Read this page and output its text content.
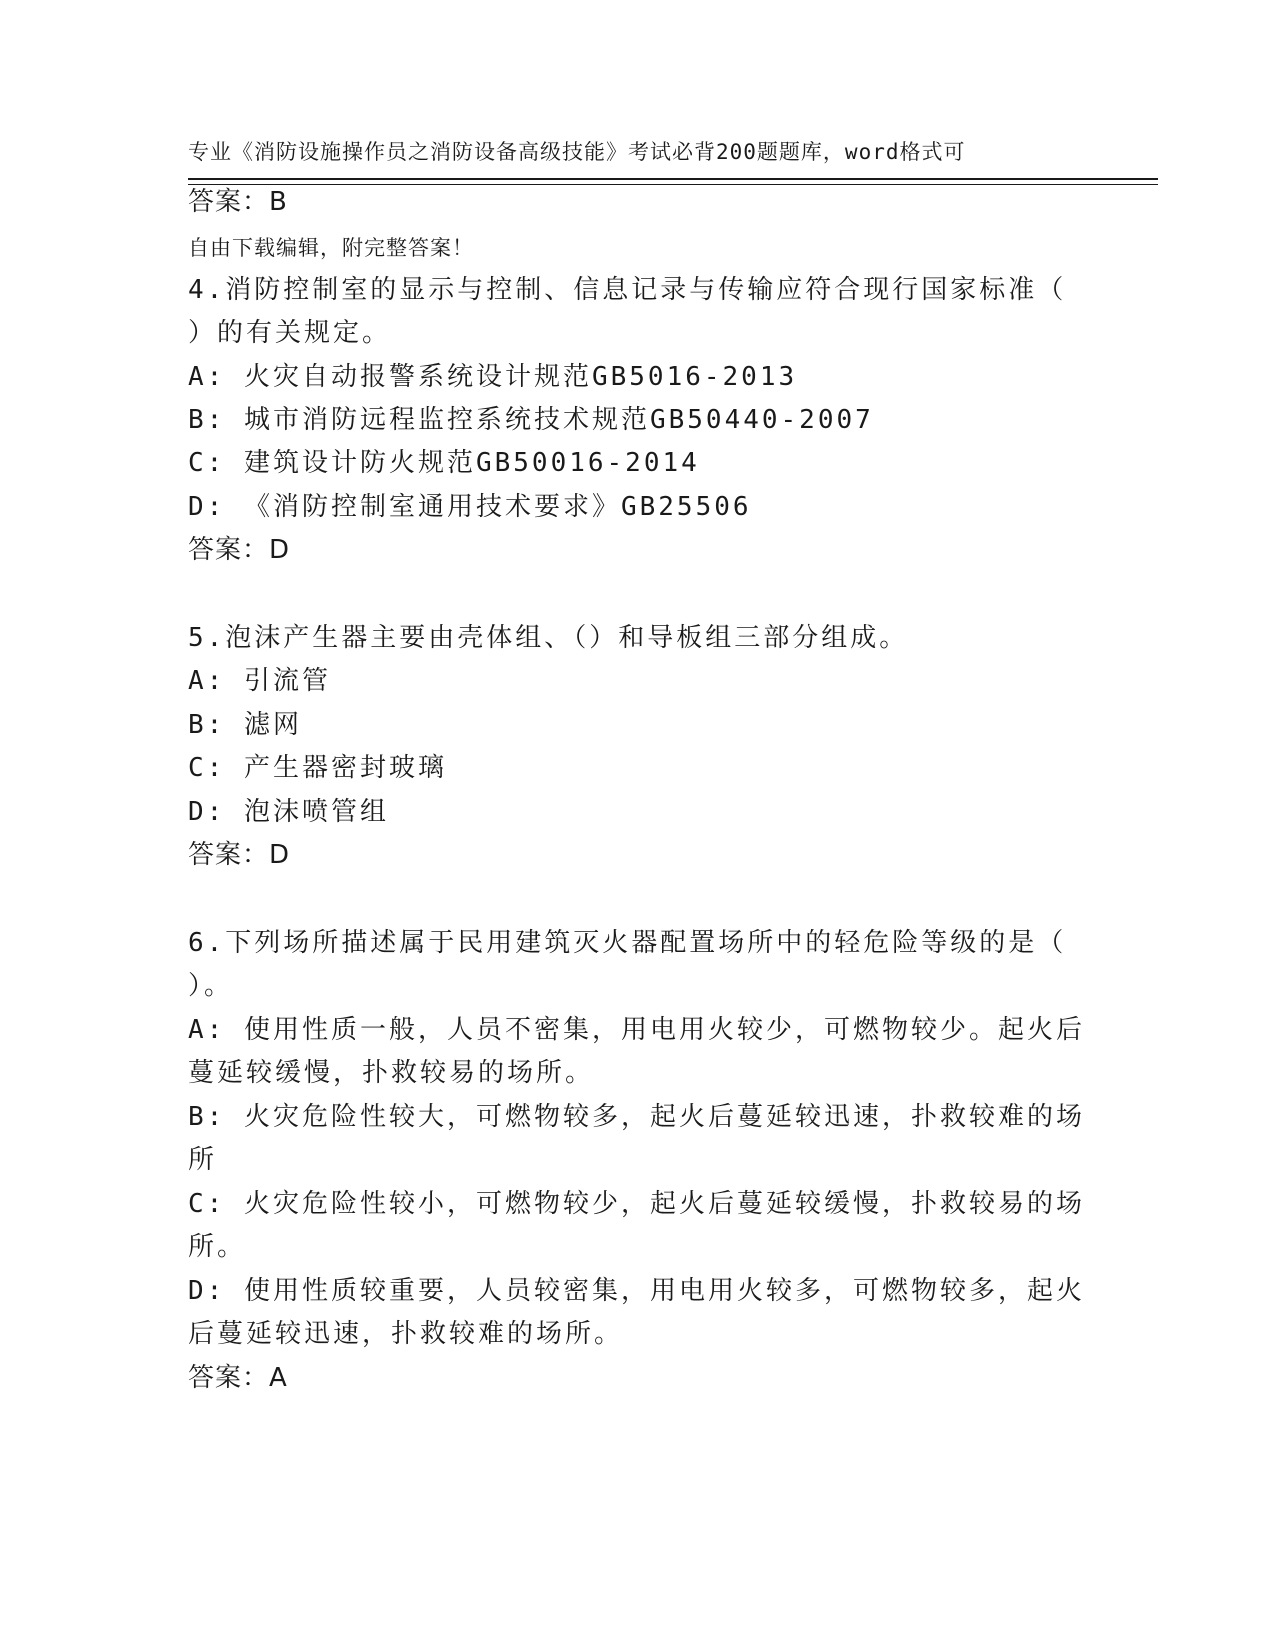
专业《消防设施操作员之消防设备高级技能》考试必背200题题库，word格式可

自由下载编辑，附完整答案！

答案：B
4.消防控制室的显示与控制、信息记录与传输应符合现行国家标准（
）的有关规定。
A: 火灾自动报警系统设计规范GB5016-2013
B: 城市消防远程监控系统技术规范GB50440-2007
C: 建筑设计防火规范GB50016-2014
D: 《消防控制室通用技术要求》GB25506
答案：D
5.泡沫产生器主要由壳体组、（）和导板组三部分组成。
A: 引流管
B: 滤网
C: 产生器密封玻璃
D: 泡沫喷管组
答案：D
6.下列场所描述属于民用建筑灭火器配置场所中的轻危险等级的是（
）。
A: 使用性质一般，人员不密集，用电用火较少，可燃物较少。起火后
蔓延较缓慢，扑救较易的场所。
B: 火灾危险性较大，可燃物较多，起火后蔓延较迅速，扑救较难的场
所
C: 火灾危险性较小，可燃物较少，起火后蔓延较缓慢，扑救较易的场
所。
D: 使用性质较重要，人员较密集，用电用火较多，可燃物较多，起火
后蔓延较迅速，扑救较难的场所。
答案：A
